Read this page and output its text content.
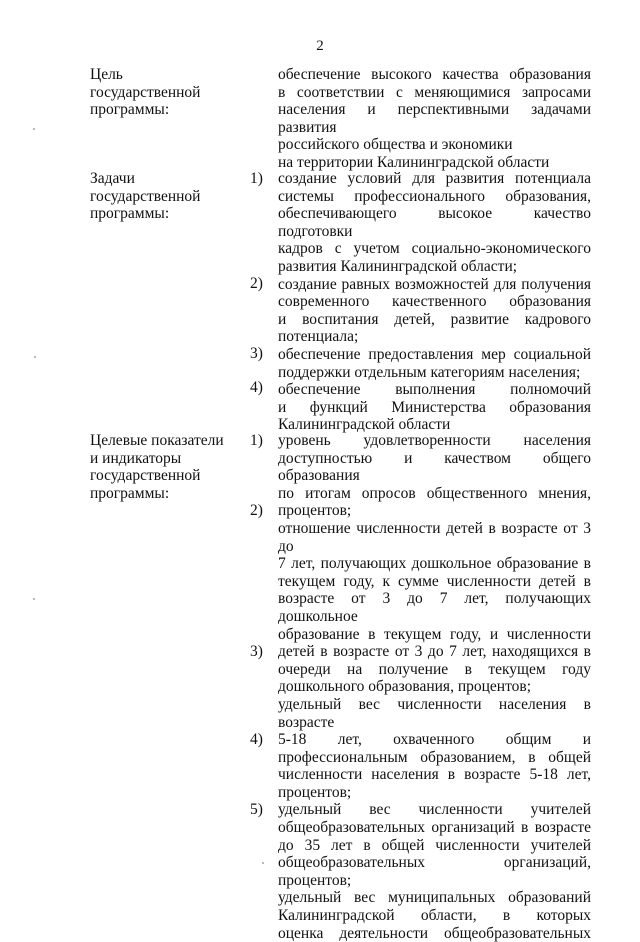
2
Цель
государственной
программы:
обеспечение высокого качества образования
в соответствии с меняющимися запросами
населения и перспективными задачами развития
российского общества и экономики
на территории Калининградской области
Задачи
государственной
программы:
1)
2)
3)
4)
создание условий для развития потенциала
системы профессионального образования,
обеспечивающего высокое качество подготовки
кадров с учетом социально-экономического
развития Калининградской области;
создание равных возможностей для получения
современного качественного образования
и воспитания детей, развитие кадрового
потенциала;
обеспечение предоставления мер социальной
поддержки отдельным категориям населения;
обеспечение выполнения полномочий
и функций Министерства образования
Калининградской области
Целевые показатели
и индикаторы
государственной
программы:
1)
2)
3)
4)
5)
уровень удовлетворенности населения
доступностью и качеством общего образования
по итогам опросов общественного мнения,
процентов;
отношение численности детей в возрасте от 3 до
7 лет, получающих дошкольное образование в
текущем году, к сумме численности детей в
возрасте от 3 до 7 лет, получающих дошкольное
образование в текущем году, и численности
детей в возрасте от 3 до 7 лет, находящихся в
очереди на получение в текущем году
дошкольного образования, процентов;
удельный вес численности населения в возрасте
5-18 лет, охваченного общим и
профессиональным образованием, в общей
численности населения в возрасте 5-18 лет,
процентов;
удельный вес численности учителей
общеобразовательных организаций в возрасте
до 35 лет в общей численности учителей
общеобразовательных организаций, процентов;
удельный вес муниципальных образований
Калининградской области, в которых
оценка деятельности общеобразовательных
